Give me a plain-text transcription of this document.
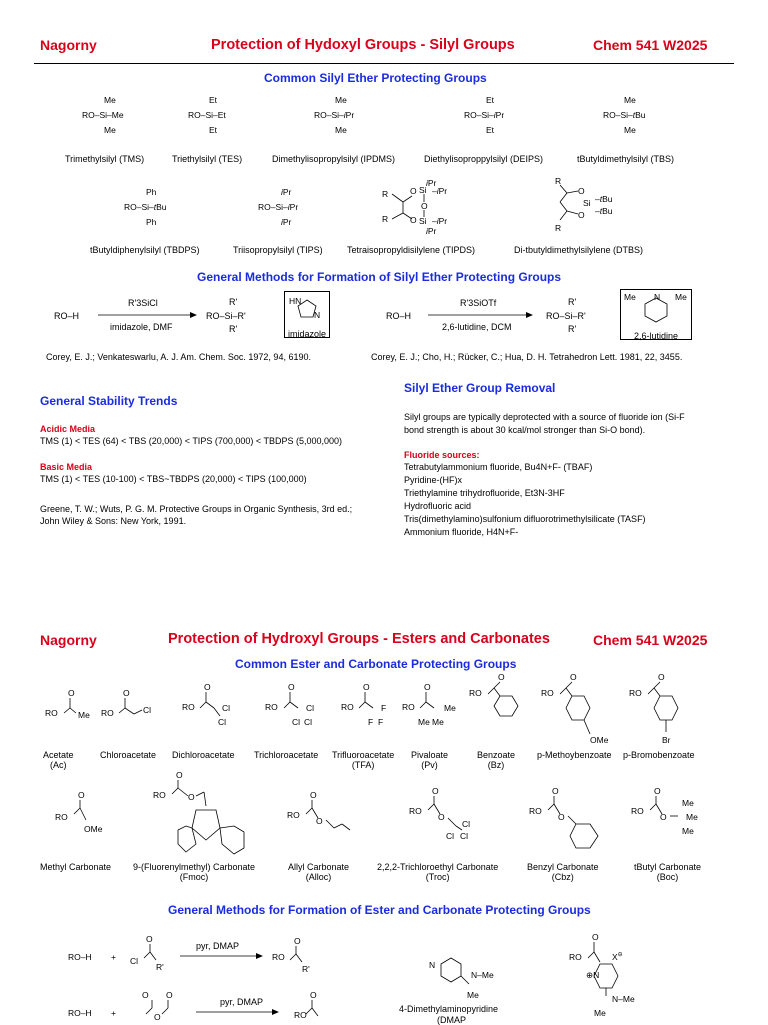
Nagorny	Protection of Hydoxyl Groups - Silyl Groups	Chem 541 W2025
Common Silyl Ether Protecting Groups
Me
RO–Si–Me
Me
Et
RO–Si–Et
Et
Me
RO–Si–iPr
Me
Et
RO–Si–iPr
Et
Me
RO–Si–tBu
Me
Ph
RO–Si–tBu
Ph
iPr
RO–Si–iPr
iPr
R	O Si
iPr
–iPr
O
O Si –iPr
iPr
R
R
O
Si –tBu
–tBu
O
R
Trimethylsilyl (TMS)	Triethylsilyl (TES)	Dimethylisopropylsilyl (IPDMS)	Diethylisoproppylsilyl (DEIPS)	tButyldimethylsilyl (TBS)
tButyldiphenylsilyl (TBDPS)	Triisopropylsilyl (TIPS)	Tetraisopropyldisilylene (TIPDS)	Di-tbutyldimethylsilylene (DTBS)
General Methods for Formation of Silyl Ether Protecting Groups
RO–H
R'3SiCl
imidazole, DMF
R'
RO–Si–R'
R'
HN
N
imidazole
RO–H
R'3SiOTf
2,6-lutidine, DCM
R'
RO–Si–R'
R'
Me N Me
2,6-lutidine
Corey, E. J.; Venkateswarlu, A. J. Am. Chem. Soc. 1972, 94, 6190.	Corey, E. J.; Cho, H.; Rücker, C.; Hua, D. H. Tetrahedron Lett. 1981, 22, 3455.
Silyl Ether Group Removal
General Stability Trends
Acidic Media
TMS (1) < TES (64) < TBS (20,000) < TIPS (700,000) < TBDPS (5,000,000)
Basic Media
TMS (1) < TES (10-100) < TBS~TBDPS (20,000) < TIPS (100,000)
Greene, T. W.; Wuts, P. G. M. Protective Groups in Organic Synthesis, 3rd ed.;
John Wiley & Sons: New York, 1991.
Silyl groups are typically deprotected with a source of fluoride ion (Si-F
bond strength is about 30 kcal/mol stronger than Si-O bond).
Fluoride sources:
Tetrabutylammonium fluoride, Bu4N+F- (TBAF)
Pyridine-(HF)x
Triethylamine trihydrofluoride, Et3N-3HF
Hydrofluoric acid
Tris(dimethylamino)sulfonium difluorotrimethylsilicate (TASF)
Ammonium fluoride, H4N+F-
Nagorny	Protection of Hydroxyl Groups - Esters and Carbonates	Chem 541 W2025
Common Ester and Carbonate Protecting Groups
RO
O
Me RO
O
Cl	RO
O
Cl
Cl
RO
O
Cl
Cl Cl
RO
O
F
F F
RO
O
Me
Me Me
RO
O
RO
O
OMe
RO
O
Br
RO
O
OMe
RO
O
O
RO
O
O
RO
O
O
Cl
Cl
Cl
RO
O
O
RO
O
O
Me
Me
Me
Acetate
(Ac)
Chloroacetate Dichloroacetate Trichloroacetate Trifluoroacetate
(TFA)
Pivaloate
(Pv)
Benzoate
(Bz)
p-Methoybenzoate p-Bromobenzoate
Methyl Carbonate 9-(Fluorenylmethyl) Carbonate
(Fmoc)
Allyl Carbonate
(Alloc)
2,2,2-Trichloroethyl Carbonate
(Troc)
Benzyl Carbonate
(Cbz)
tButyl Carbonate
(Boc)
General Methods for Formation of Ester and Carbonate Protecting Groups
RO–H +
O
Cl
R'
RO
O
R'	N
N–Me
Me
RO
O
X⊖
⊕N
N–Me
Me
RO–H +
O
O
O
RO
O
pyr, DMAP
pyr, DMAP
4-Dimethylaminopyridine
(DMAP
